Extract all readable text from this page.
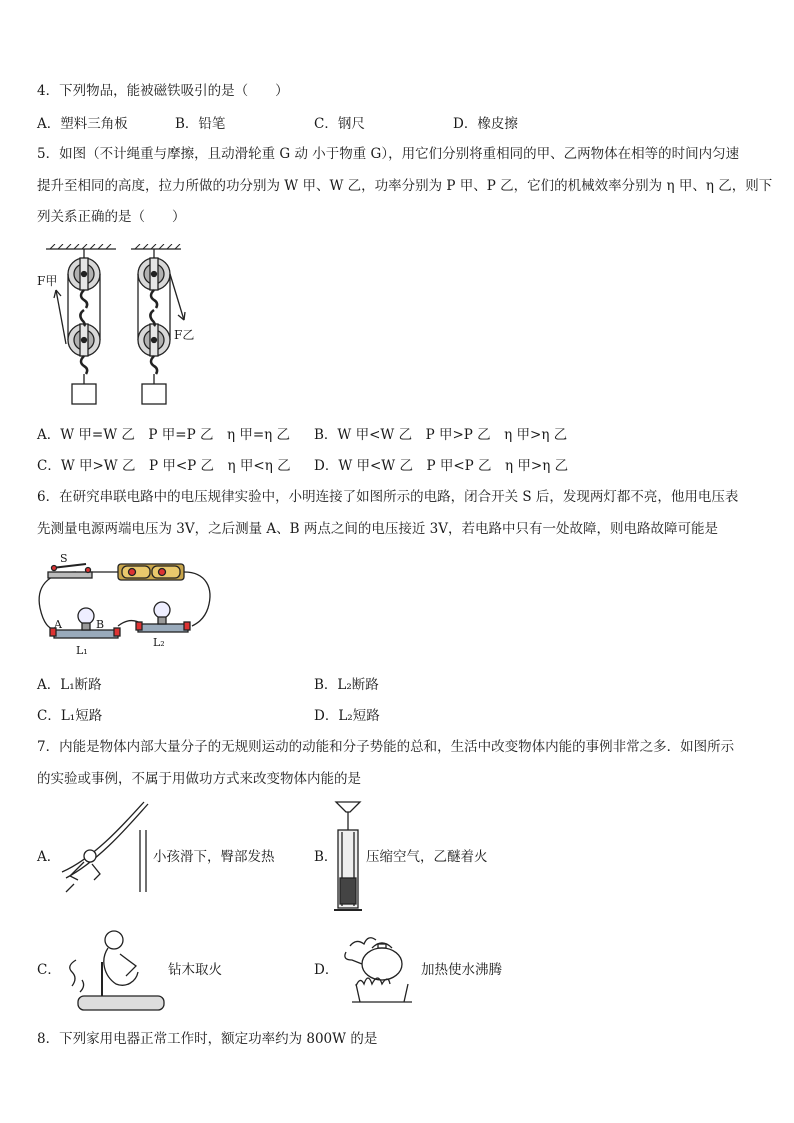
4．下列物品，能被磁铁吸引的是（　　）
A．塑料三角板	B．铅笔	C．钢尺	D．橡皮擦
5．如图（不计绳重与摩擦，且动滑轮重 G 动 小于物重 G），用它们分别将重相同的甲、乙两物体在相等的时间内匀速
提升至相同的高度，拉力所做的功分别为 W 甲、W 乙，功率分别为 P 甲、P 乙，它们的机械效率分别为 η 甲、η 乙，则下
列关系正确的是（　　）
F甲
F乙
A．W 甲=W 乙　P 甲=P 乙　η 甲=η 乙 B．W 甲<W 乙　P 甲>P 乙　η 甲>η 乙
C．W 甲>W 乙　P 甲<P 乙　η 甲<η 乙 D．W 甲<W 乙　P 甲<P 乙　η 甲>η 乙
6．在研究串联电路中的电压规律实验中，小明连接了如图所示的电路，闭合开关 S 后，发现两灯都不亮，他用电压表
先测量电源两端电压为 3V，之后测量 A、B 两点之间的电压接近 3V，若电路中只有一处故障，则电路故障可能是
S
A	B
L₁
L₂
A．L₁断路	B．L₂断路
C．L₁短路	D．L₂短路
7．内能是物体内部大量分子的无规则运动的动能和分子势能的总和，生活中改变物体内能的事例非常之多．如图所示
的实验或事例，不属于用做功方式来改变物体内能的是
A．	小孩滑下，臀部发热	B． 压缩空气，乙醚着火
C．	钻木取火	D．	加热使水沸腾
8．下列家用电器正常工作时，额定功率约为 800W 的是
